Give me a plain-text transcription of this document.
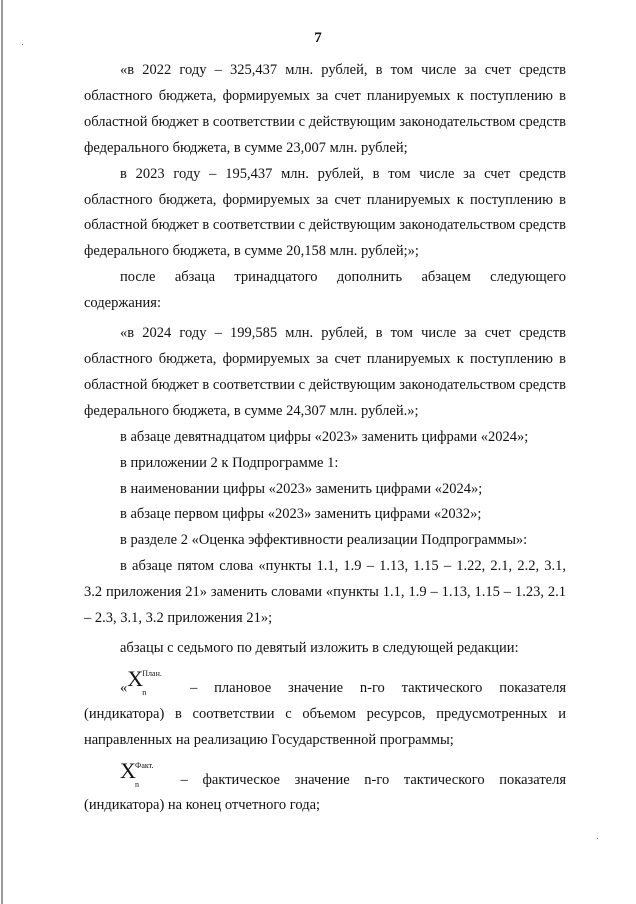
7

«в 2022 году – 325,437 млн. рублей, в том числе за счет средств областного бюджета, формируемых за счет планируемых к поступлению в областной бюджет в соответствии с действующим законодательством средств федерального бюджета, в сумме 23,007 млн. рублей;

в 2023 году – 195,437 млн. рублей, в том числе за счет средств областного бюджета, формируемых за счет планируемых к поступлению в областной бюджет в соответствии с действующим законодательством средств федерального бюджета, в сумме 20,158 млн. рублей;»;

после абзаца тринадцатого дополнить абзацем следующего содержания:

«в 2024 году – 199,585 млн. рублей, в том числе за счет средств областного бюджета, формируемых за счет планируемых к поступлению в областной бюджет в соответствии с действующим законодательством средств федерального бюджета, в сумме 24,307 млн. рублей.»;

в абзаце девятнадцатом цифры «2023» заменить цифрами «2024»;

в приложении 2 к Подпрограмме 1:

в наименовании цифры «2023» заменить цифрами «2024»;

в абзаце первом цифры «2023» заменить цифрами «2032»;

в разделе 2 «Оценка эффективности реализации Подпрограммы»:

в абзаце пятом слова «пункты 1.1, 1.9 – 1.13, 1.15 – 1.22, 2.1, 2.2, 3.1, 3.2 приложения 21» заменить словами «пункты 1.1, 1.9 – 1.13, 1.15 – 1.23, 2.1 – 2.3, 3.1, 3.2 приложения 21»;

абзацы с седьмого по девятый изложить в следующей редакции:

« X План.
n	– плановое значение n-го тактического показателя (индикатора) в соответствии с объемом ресурсов, предусмотренных и направленных на реализацию Государственной программы;

X Факт.
n	– фактическое значение n-го тактического показателя (индикатора) на конец отчетного года;
